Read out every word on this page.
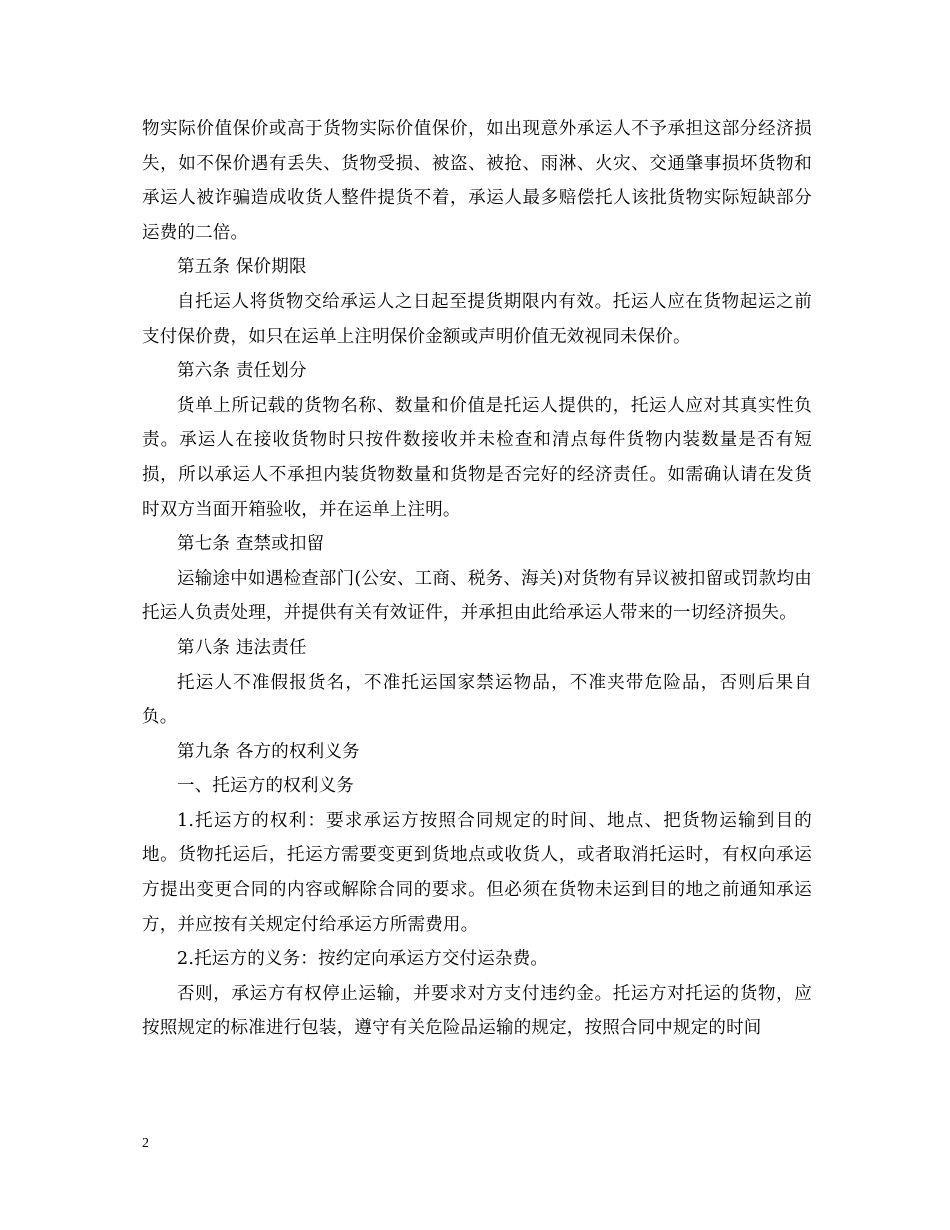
物实际价值保价或高于货物实际价值保价，如出现意外承运人不予承担这部分经济损失，如不保价遇有丢失、货物受损、被盗、被抢、雨淋、火灾、交通肇事损坏货物和承运人被诈骗造成收货人整件提货不着，承运人最多赔偿托人该批货物实际短缺部分运费的二倍。

第五条 保价期限

自托运人将货物交给承运人之日起至提货期限内有效。托运人应在货物起运之前支付保价费，如只在运单上注明保价金额或声明价值无效视同未保价。

第六条 责任划分

货单上所记载的货物名称、数量和价值是托运人提供的，托运人应对其真实性负责。承运人在接收货物时只按件数接收并未检查和清点每件货物内装数量是否有短损，所以承运人不承担内装货物数量和货物是否完好的经济责任。如需确认请在发货时双方当面开箱验收，并在运单上注明。

第七条 查禁或扣留

运输途中如遇检查部门(公安、工商、税务、海关)对货物有异议被扣留或罚款均由托运人负责处理，并提供有关有效证件，并承担由此给承运人带来的一切经济损失。

第八条 违法责任

托运人不准假报货名，不准托运国家禁运物品，不准夹带危险品，否则后果自负。

第九条 各方的权利义务

一、托运方的权利义务

1.托运方的权利：要求承运方按照合同规定的时间、地点、把货物运输到目的地。货物托运后，托运方需要变更到货地点或收货人，或者取消托运时，有权向承运方提出变更合同的内容或解除合同的要求。但必须在货物未运到目的地之前通知承运方，并应按有关规定付给承运方所需费用。

2.托运方的义务：按约定向承运方交付运杂费。

否则，承运方有权停止运输，并要求对方支付违约金。托运方对托运的货物，应按照规定的标准进行包装，遵守有关危险品运输的规定，按照合同中规定的时间

2
